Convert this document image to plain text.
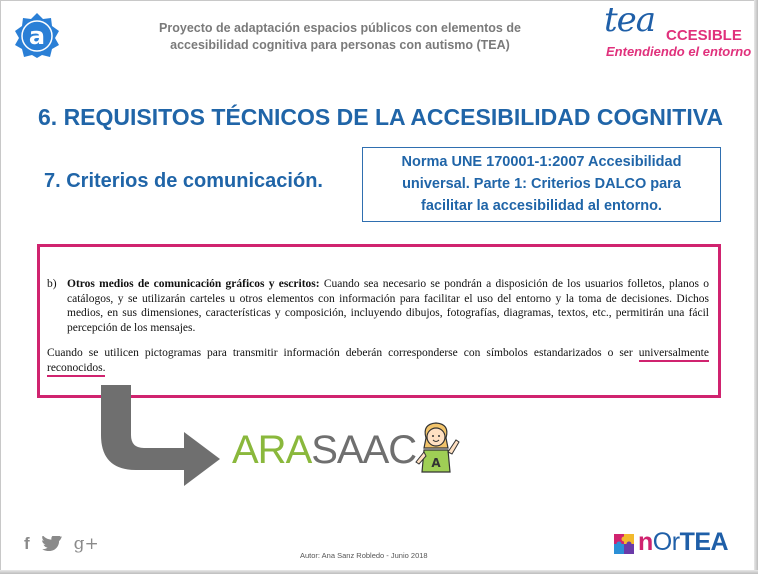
a	Proyecto de adaptación espacios públicos con elementos de
accesibilidad cognitiva para personas con autismo (TEA)
tea CCESIBLE
Entendiendo el entorno
6. REQUISITOS TÉCNICOS DE LA ACCESIBILIDAD COGNITIVA
7. Criterios de comunicación.
Norma UNE 170001-1:2007 Accesibilidad
universal. Parte 1: Criterios DALCO para
facilitar la accesibilidad al entorno.
b) Otros medios de comunicación gráficos y escritos: Cuando sea necesario se pondrán a disposición de los usuarios folletos, planos o catálogos, y se utilizarán carteles u otros elementos con información para facilitar el uso del entorno y la toma de decisiones. Dichos medios, en sus dimensiones, características y composición, incluyendo dibujos, fotografías, diagramas, textos, etc., permitirán una fácil percepción de los mensajes.
Cuando se utilicen pictogramas para transmitir información deberán corresponderse con símbolos estandarizados o ser universalmente reconocidos.
ARASAAC A
f	g+
Autor: Ana Sanz Robledo - Junio 2018	nOrTEA
